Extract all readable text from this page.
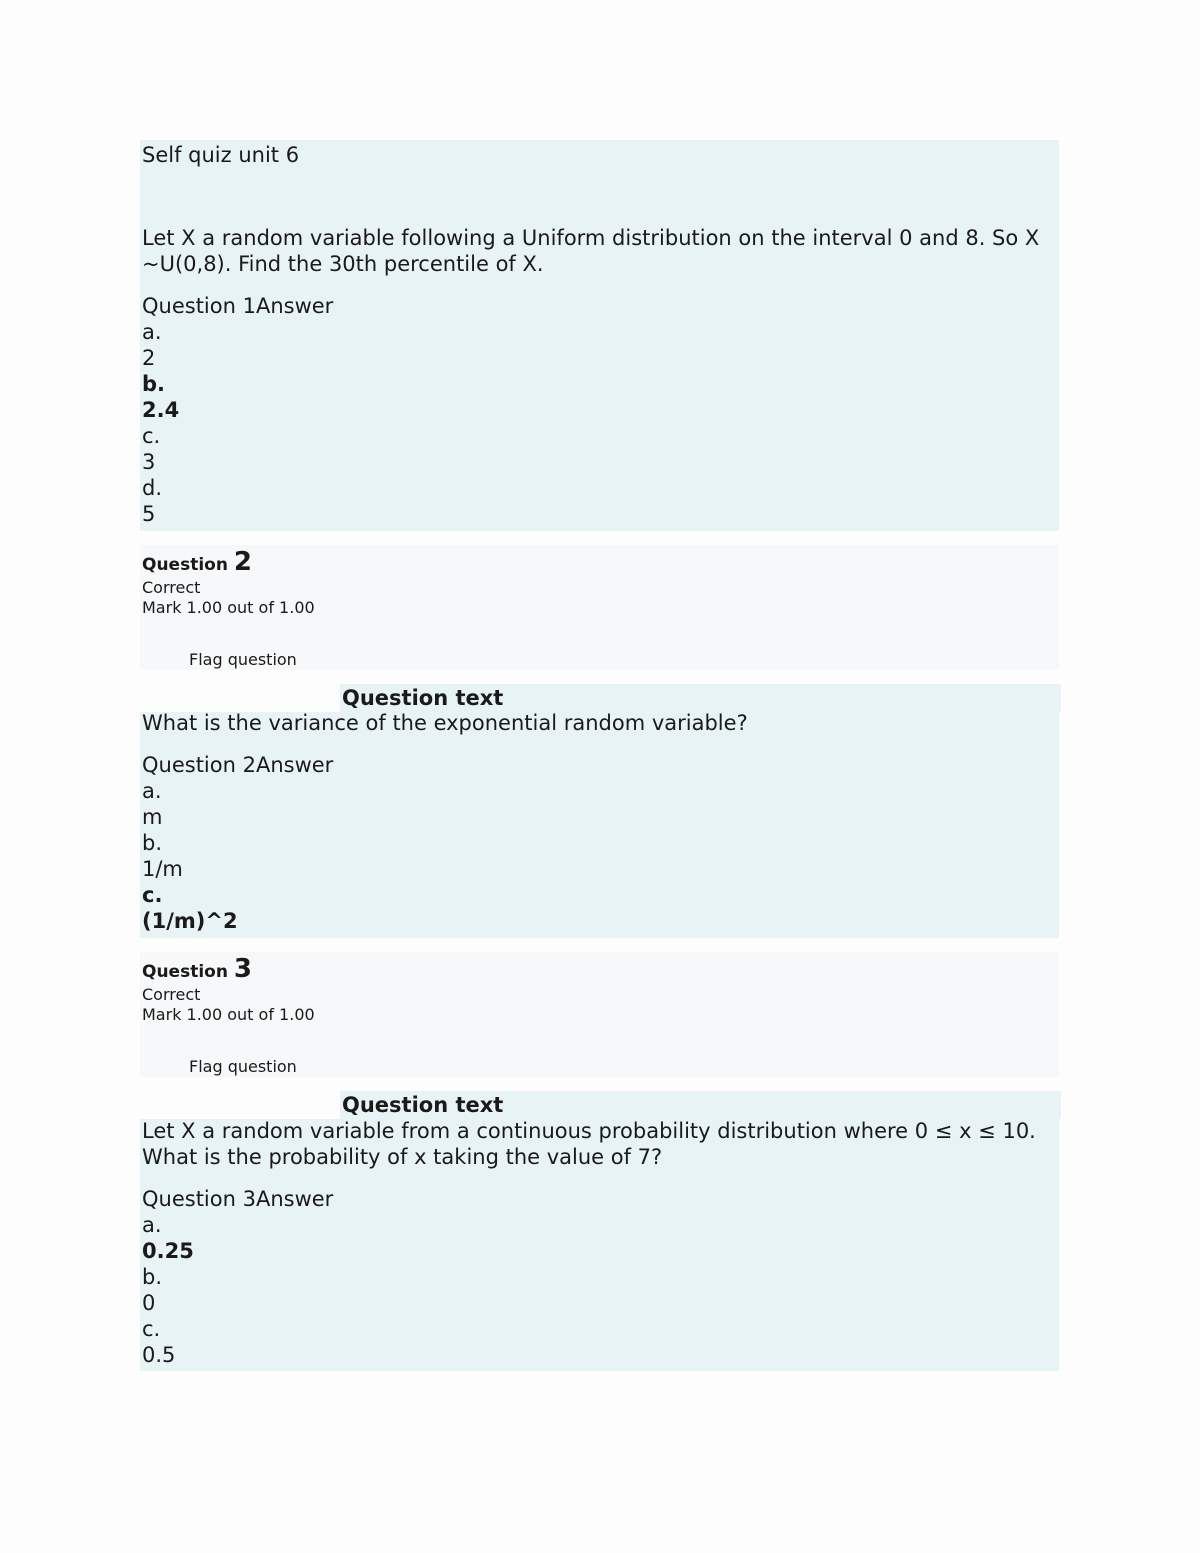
Self quiz unit 6
Let X a random variable following a Uniform distribution on the interval 0 and 8. So X ~U(0,8). Find the 30th percentile of X.
Question 1Answer
a.
2
b.
2.4
c.
3
d.
5
Question 2
Correct
Mark 1.00 out of 1.00
Flag question
Question text
What is the variance of the exponential random variable?
Question 2Answer
a.
m
b.
1/m
c.
(1/m)^2
Question 3
Correct
Mark 1.00 out of 1.00
Flag question
Question text
Let X a random variable from a continuous probability distribution where 0 ≤ x ≤ 10. What is the probability of x taking the value of 7?
Question 3Answer
a.
0.25
b.
0
c.
0.5
